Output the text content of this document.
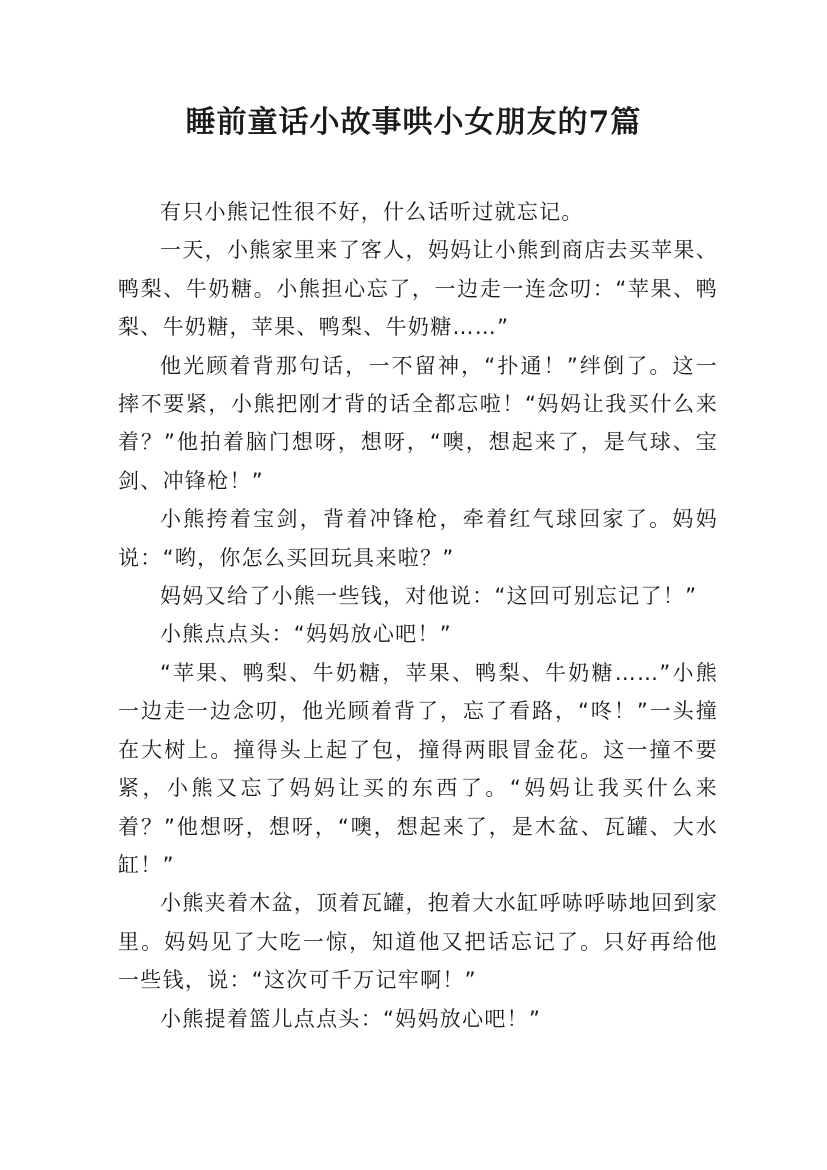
睡前童话小故事哄小女朋友的7篇

有只小熊记性很不好，什么话听过就忘记。

一天，小熊家里来了客人，妈妈让小熊到商店去买苹果、鸭梨、牛奶糖。小熊担心忘了，一边走一连念叨：“苹果、鸭梨、牛奶糖，苹果、鸭梨、牛奶糖……”

他光顾着背那句话，一不留神，“扑通！”绊倒了。这一摔不要紧，小熊把刚才背的话全都忘啦！“妈妈让我买什么来着？”他拍着脑门想呀，想呀，“噢，想起来了，是气球、宝剑、冲锋枪！”

小熊挎着宝剑，背着冲锋枪，牵着红气球回家了。妈妈说：“哟，你怎么买回玩具来啦？”

妈妈又给了小熊一些钱，对他说：“这回可别忘记了！”

小熊点点头：“妈妈放心吧！”

“苹果、鸭梨、牛奶糖，苹果、鸭梨、牛奶糖……”小熊一边走一边念叨，他光顾着背了，忘了看路，“咚！”一头撞在大树上。撞得头上起了包，撞得两眼冒金花。这一撞不要紧，小熊又忘了妈妈让买的东西了。“妈妈让我买什么来着？”他想呀，想呀，“噢，想起来了，是木盆、瓦罐、大水缸！”

小熊夹着木盆，顶着瓦罐，抱着大水缸呼哧呼哧地回到家里。妈妈见了大吃一惊，知道他又把话忘记了。只好再给他一些钱，说：“这次可千万记牢啊！”

小熊提着篮儿点点头：“妈妈放心吧！”
